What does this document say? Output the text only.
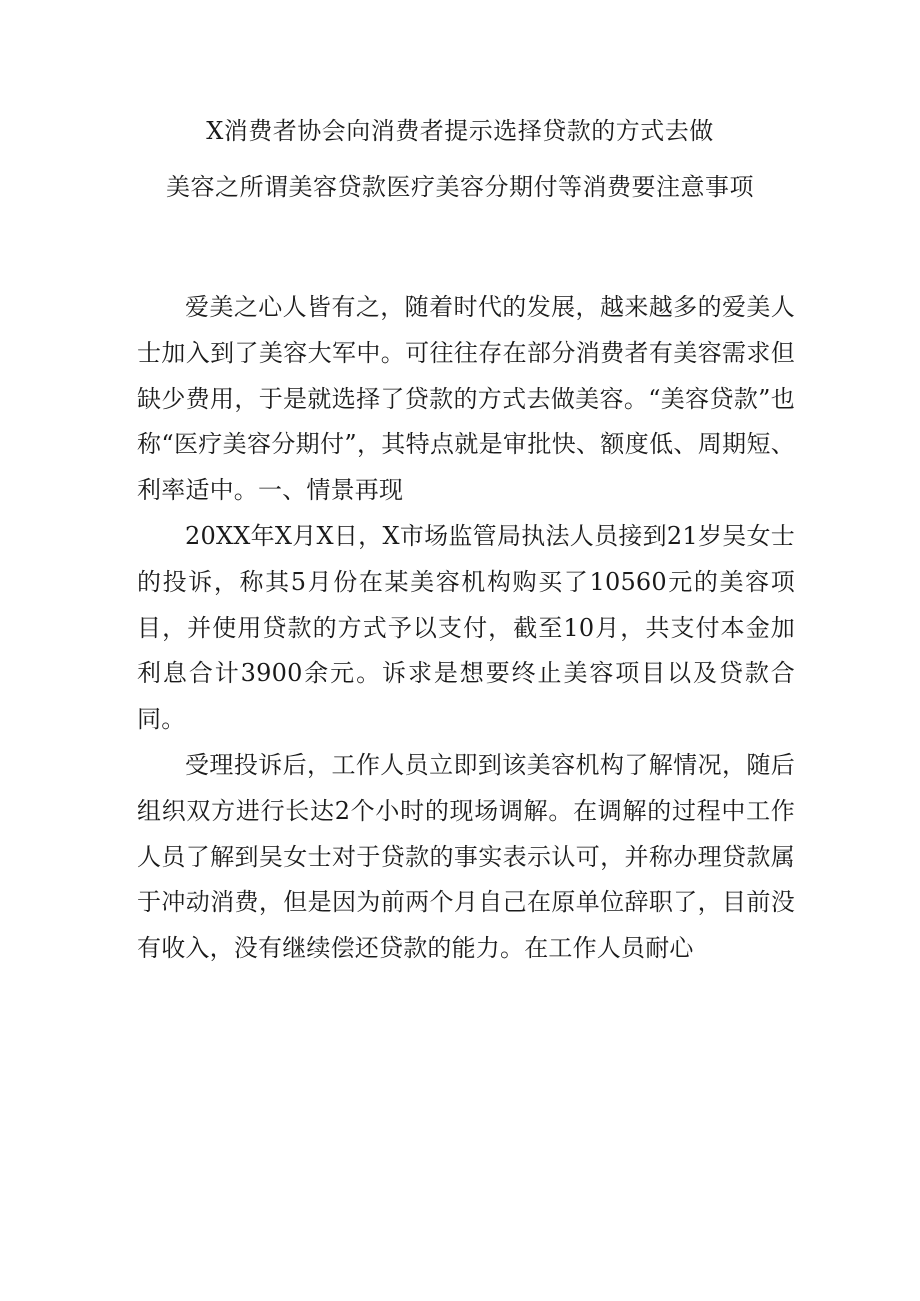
X消费者协会向消费者提示选择贷款的方式去做
美容之所谓美容贷款医疗美容分期付等消费要注意事项

爱美之心人皆有之，随着时代的发展，越来越多的爱美人士加入到了美容大军中。可往往存在部分消费者有美容需求但缺少费用，于是就选择了贷款的方式去做美容。“美容贷款”也称“医疗美容分期付”，其特点就是审批快、额度低、周期短、利率适中。一、情景再现

20XX年X月X日，X市场监管局执法人员接到21岁吴女士的投诉，称其5月份在某美容机构购买了10560元的美容项目，并使用贷款的方式予以支付，截至10月，共支付本金加利息合计3900余元。诉求是想要终止美容项目以及贷款合同。

受理投诉后，工作人员立即到该美容机构了解情况，随后组织双方进行长达2个小时的现场调解。在调解的过程中工作人员了解到吴女士对于贷款的事实表示认可，并称办理贷款属于冲动消费，但是因为前两个月自己在原单位辞职了，目前没有收入，没有继续偿还贷款的能力。在工作人员耐心
